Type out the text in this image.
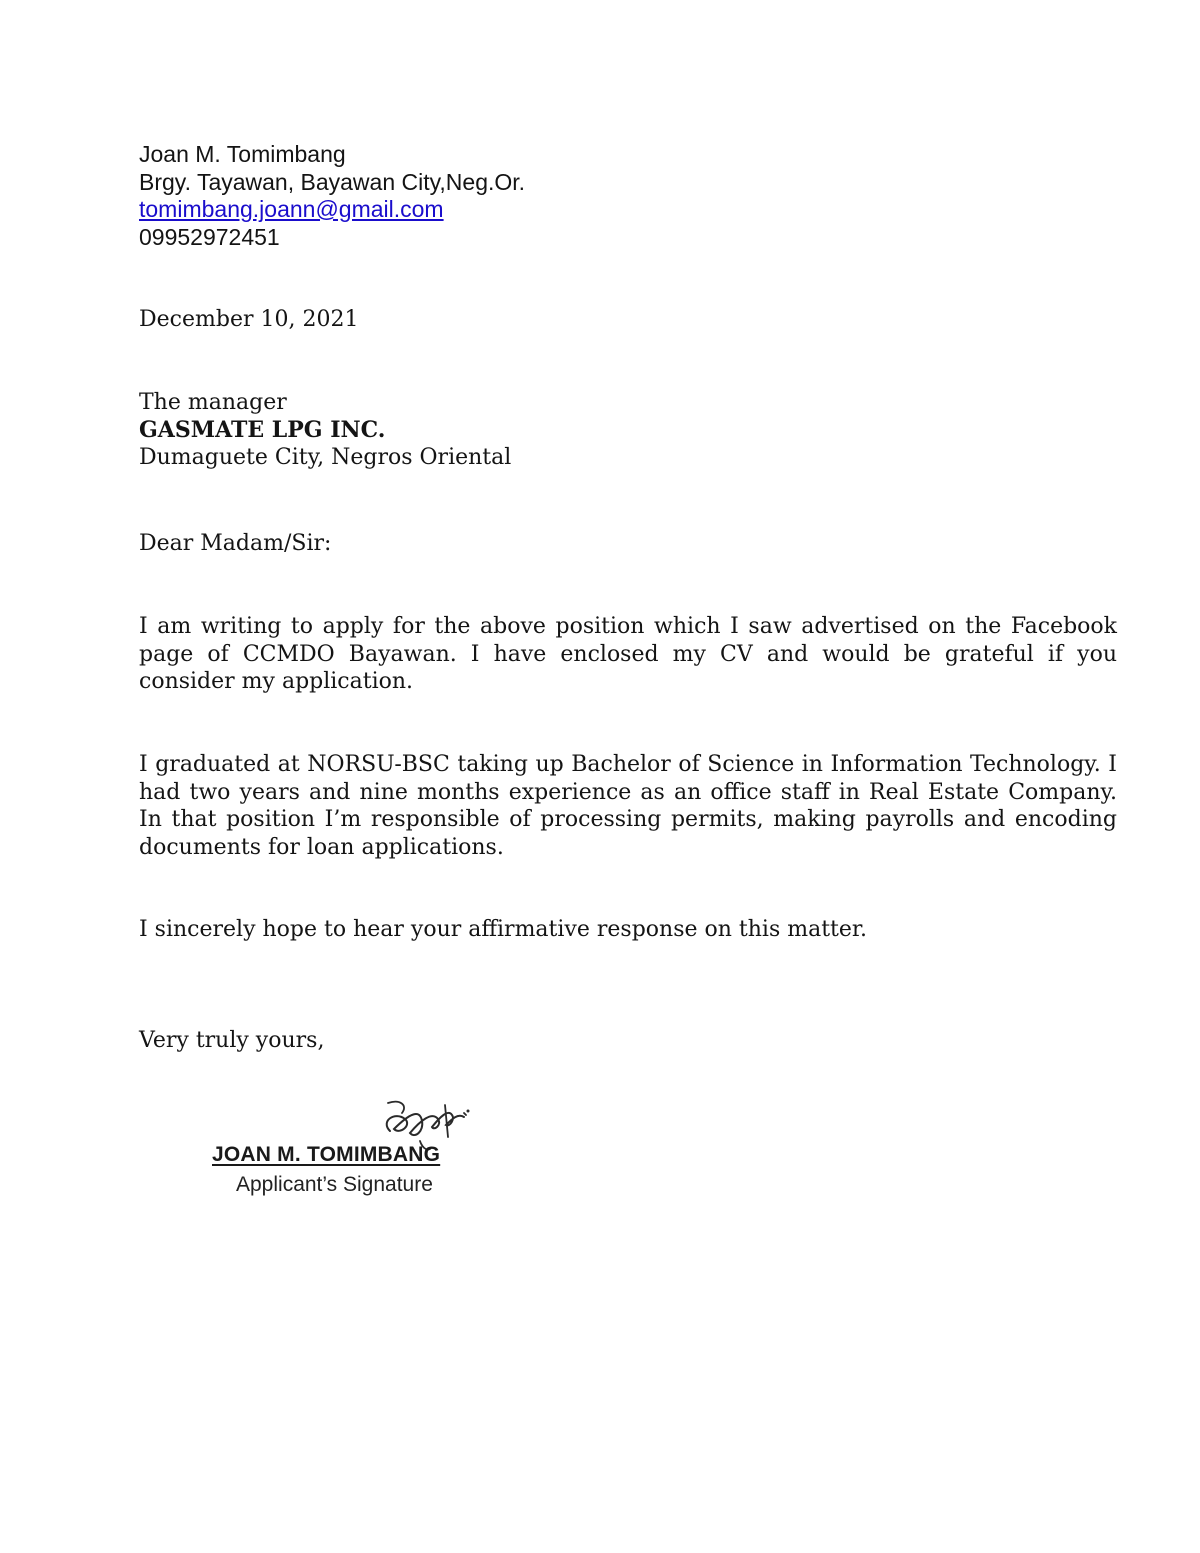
Joan M. Tomimbang
Brgy. Tayawan, Bayawan City,Neg.Or.
tomimbang.joann@gmail.com
09952972451
December 10, 2021
The manager
GASMATE LPG INC.
Dumaguete City, Negros Oriental
Dear Madam/Sir:
I am writing to apply for the above position which I saw advertised on the Facebook page of CCMDO Bayawan. I have enclosed my CV and would be grateful if you consider my application.
I graduated at NORSU-BSC taking up Bachelor of Science in Information Technology. I had two years and nine months experience as an office staff in Real Estate Company. In that position I’m responsible of processing permits, making payrolls and encoding documents for loan applications.
I sincerely hope to hear your affirmative response on this matter.
Very truly yours,
JOAN M. TOMIMBANG
Applicant’s Signature
